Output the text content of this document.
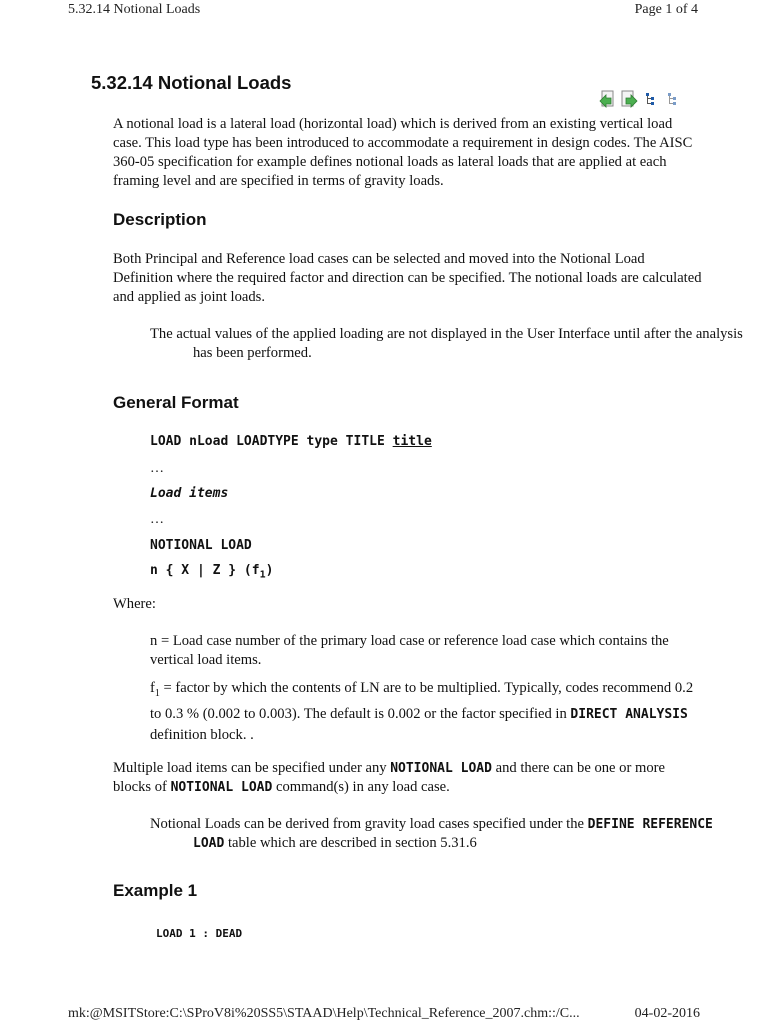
5.32.14 Notional Loads	Page 1 of 4
5.32.14 Notional Loads

A notional load is a lateral load (horizontal load) which is derived from an existing vertical load case. This load type has been introduced to accommodate a requirement in design codes. The AISC 360-05 specification for example defines notional loads as lateral loads that are applied at each framing level and are specified in terms of gravity loads.

Description

Both Principal and Reference load cases can be selected and moved into the Notional Load Definition where the required factor and direction can be specified. The notional loads are calculated and applied as joint loads.

The actual values of the applied loading are not displayed in the User Interface until after the analysis has been performed.

General Format
LOAD nLoad LOADTYPE type TITLE title
…
Load items
…
NOTIONAL LOAD
n { X | Z } $(f_1)$

Where:

n = Load case number of the primary load case or reference load case which contains the vertical load items.

$f_1$ = factor by which the contents of LN are to be multiplied. Typically, codes recommend 0.2 to 0.3 % (0.002 to 0.003). The default is 0.002 or the factor specified in DIRECT ANALYSIS definition block. .

Multiple load items can be specified under any NOTIONAL LOAD and there can be one or more blocks of NOTIONAL LOAD command(s) in any load case.

Notional Loads can be derived from gravity load cases specified under the DEFINE REFERENCE LOAD table which are described in section 5.31.6

Example 1
LOAD 1 : DEAD
mk:@MSITStore:C:\SProV8i%20SS5\STAAD\Help\Technical_Reference_2007.chm::/C...	04-02-2016
